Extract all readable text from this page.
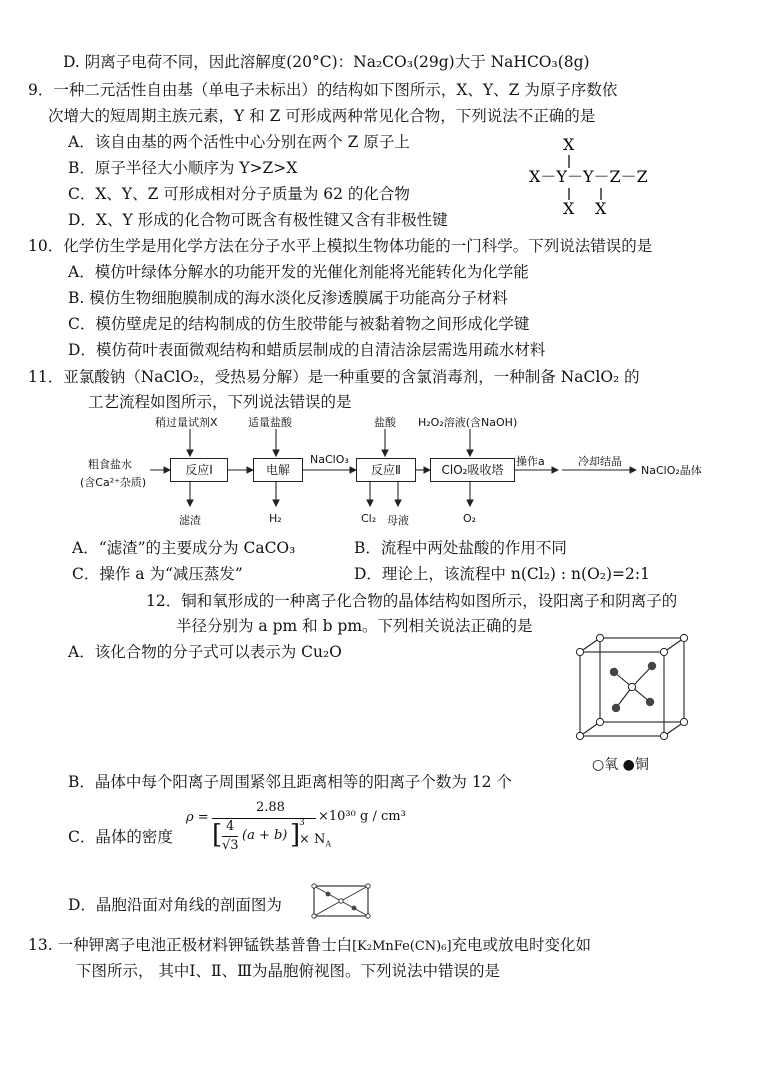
D. 阴离子电荷不同，因此溶解度(20°C)：Na₂CO₃(29g)大于 NaHCO₃(8g)
9．一种二元活性自由基（单电子未标出）的结构如下图所示，X、Y、Z 为原子序数依
次增大的短周期主族元素，Y 和 Z 可形成两种常见化合物，下列说法不正确的是
A．该自由基的两个活性中心分别在两个 Z 原子上
B．原子半径大小顺序为 Y>Z>X
C．X、Y、Z 可形成相对分子质量为 62 的化合物
D．X、Y 形成的化合物可既含有极性键又含有非极性键
X
X－Y－Y－Z－Z
X X
10．化学仿生学是用化学方法在分子水平上模拟生物体功能的一门科学。下列说法错误的是
A．模仿叶绿体分解水的功能开发的光催化剂能将光能转化为化学能
B. 模仿生物细胞膜制成的海水淡化反渗透膜属于功能高分子材料
C．模仿壁虎足的结构制成的仿生胶带能与被黏着物之间形成化学键
D．模仿荷叶表面微观结构和蜡质层制成的自清洁涂层需选用疏水材料
11．亚氯酸钠（NaClO₂，受热易分解）是一种重要的含氯消毒剂，一种制备 NaClO₂ 的
工艺流程如图所示，下列说法错误的是
稍过量试剂X	适量盐酸	盐酸 H₂O₂溶液(含NaOH)
粗食盐水
(含Ca²⁺杂质)
反应Ⅰ	电解
NaClO₃
反应Ⅱ	ClO₂吸收塔
操作a	冷却结晶
NaClO₂晶体
滤渣	H₂	Cl₂ 母液	O₂
A．“滤渣”的主要成分为 CaCO₃	B．流程中两处盐酸的作用不同
C．操作 a 为“减压蒸发”	D．理论上，该流程中 n(Cl₂) : n(O₂)=2:1
12．铜和氧形成的一种离子化合物的晶体结构如图所示，设阳离子和阴离子的
半径分别为 a pm 和 b pm。下列相关说法正确的是
A．该化合物的分子式可以表示为 Cu₂O
○氧 ●铜
B．晶体中每个阳离子周围紧邻且距离相等的阳离子个数为 12 个
C．晶体的密度
ρ =
2.88
×10³⁰ g / cm³
[ 4
√3
(a + b) ]
3
× $N_A$
D．晶胞沿面对角线的剖面图为
13. 一种钾离子电池正极材料钾锰铁基普鲁士白[K₂MnFe(CN)₆]充电或放电时变化如
下图所示， 其中Ⅰ、Ⅱ、Ⅲ为晶胞俯视图。下列说法中错误的是
